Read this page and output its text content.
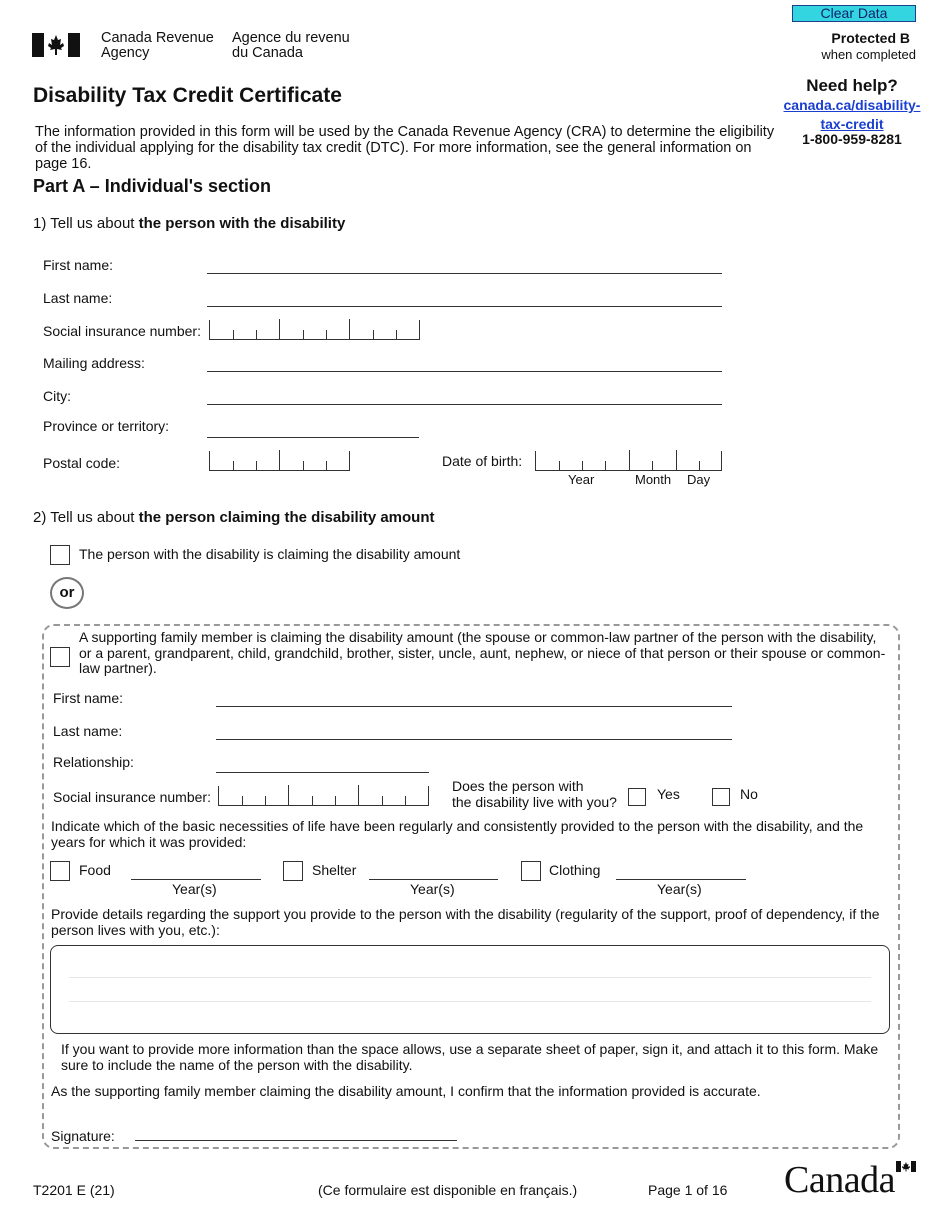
Canada Revenue
Agency
Agence du revenu
du Canada
Clear Data
Protected B
when completed
Need help?
canada.ca/disability-
tax-credit
1-800-959-8281
Disability Tax Credit Certificate
The information provided in this form will be used by the Canada Revenue Agency (CRA) to determine the eligibility of the individual applying for the disability tax credit (DTC). For more information, see the general information on page 16.
Part A – Individual's section
1) Tell us about the person with the disability
First name:
Last name:
Social insurance number:
Mailing address:
City:
Province or territory:
Postal code:	Date of birth:
Year	Month Day
2) Tell us about the person claiming the disability amount
The person with the disability is claiming the disability amount
or
A supporting family member is claiming the disability amount (the spouse or common-law partner of the person with the disability, or a parent, grandparent, child, grandchild, brother, sister, uncle, aunt, nephew, or niece of that person or their spouse or common-law partner).
First name:
Last name:
Relationship:
Social insurance number:
Does the person with
the disability live with you?	Yes	No
Indicate which of the basic necessities of life have been regularly and consistently provided to the person with the disability, and the years for which it was provided:
Food
Year(s)
Shelter
Year(s)
Clothing
Year(s)
Provide details regarding the support you provide to the person with the disability (regularity of the support, proof of dependency, if the person lives with you, etc.):
If you want to provide more information than the space allows, use a separate sheet of paper, sign it, and attach it to this form. Make sure to include the name of the person with the disability.
As the supporting family member claiming the disability amount, I confirm that the information provided is accurate.
Signature:
T2201 E (21)	(Ce formulaire est disponible en français.)	Page 1 of 16 Canada
